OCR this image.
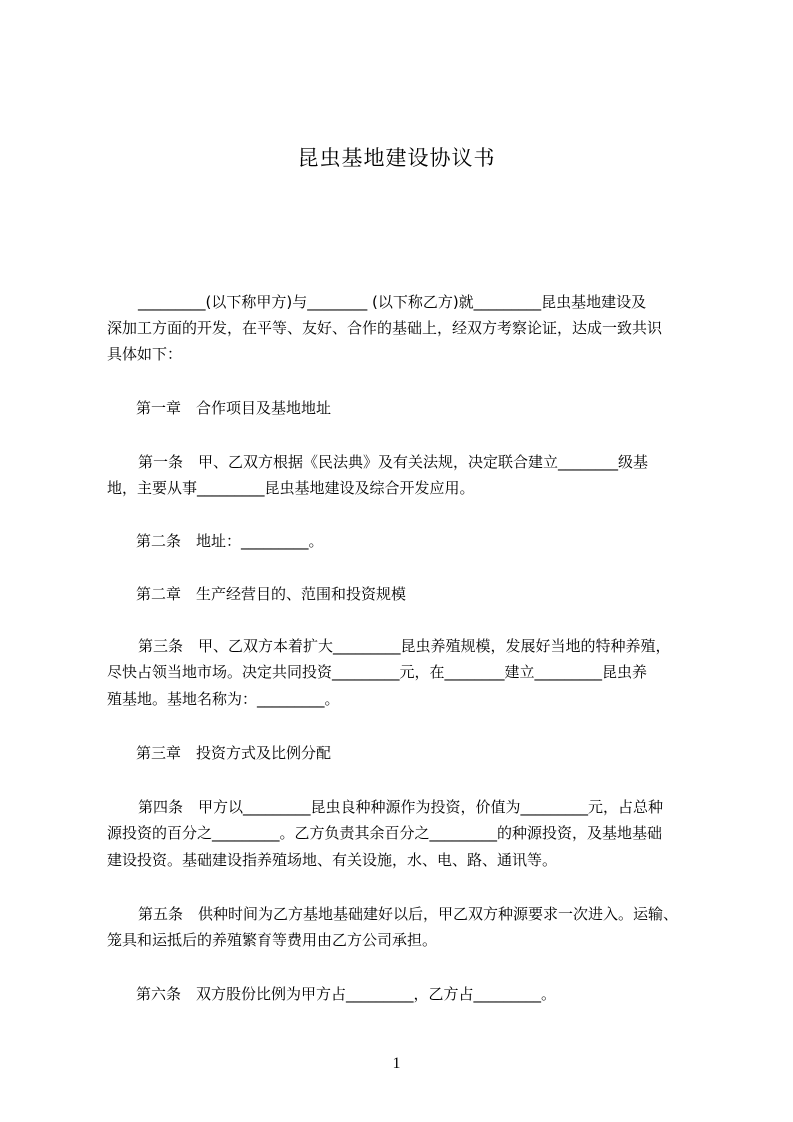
昆虫基地建设协议书
_________(以下称甲方)与________ (以下称乙方)就_________昆虫基地建设及
深加工方面的开发，在平等、友好、合作的基础上，经双方考察论证，达成一致共识
具体如下：
第一章　合作项目及基地地址
第一条　甲、乙双方根据《民法典》及有关法规，决定联合建立________级基
地，主要从事_________昆虫基地建设及综合开发应用。
第二条　地址：_________。
第二章　生产经营目的、范围和投资规模
第三条　甲、乙双方本着扩大_________昆虫养殖规模，发展好当地的特种养殖，
尽快占领当地市场。决定共同投资_________元，在________建立_________昆虫养
殖基地。基地名称为：_________。
第三章　投资方式及比例分配
第四条　甲方以_________昆虫良种种源作为投资，价值为_________元，占总种
源投资的百分之_________。乙方负责其余百分之_________的种源投资，及基地基础
建设投资。基础建设指养殖场地、有关设施，水、电、路、通讯等。
第五条　供种时间为乙方基地基础建好以后，甲乙双方种源要求一次进入。运输、
笼具和运抵后的养殖繁育等费用由乙方公司承担。
第六条　双方股份比例为甲方占_________，乙方占_________。
1
